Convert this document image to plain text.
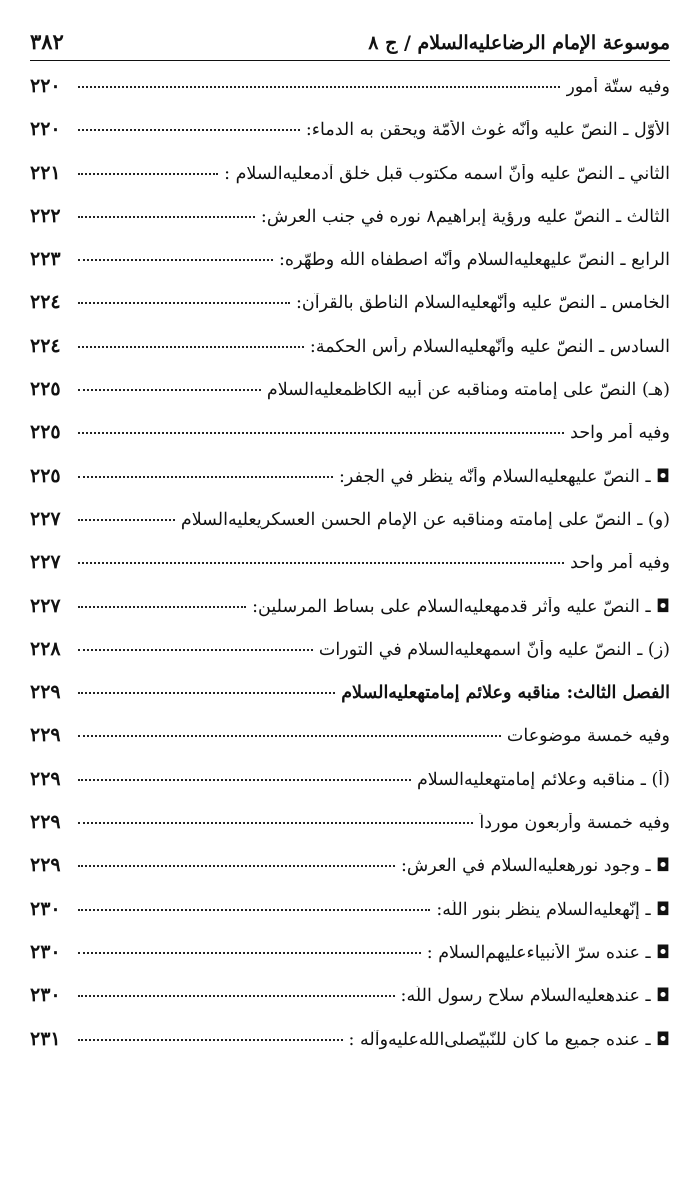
موسوعة الإمام الرضاعليه‌السلام / ج ٨
٣٨٢
وفيه ستّة أمور
٢٢٠
الأوّل ـ النصّ عليه وأنّه غوث الأمّة ويحقن به الدماء:
٢٢٠
الثاني ـ النصّ عليه وأنّ اسمه مكتوب قبل خلق آدمعليه‌السلام :
٢٢١
الثالث ـ النصّ عليه ورؤية إبراهيم٨ نوره في جنب العرش:
٢٢٢
الرابع ـ النصّ عليهعليه‌السلام وأنّه اصطفاه اللّه وطهّره:
٢٢٣
الخامس ـ النصّ عليه وأنّهعليه‌السلام الناطق بالقرآن:
٢٢٤
السادس ـ النصّ عليه وأنّهعليه‌السلام رأس الحكمة:
٢٢٤
(هـ) النصّ على إمامته ومناقبه عن أبيه الكاظمعليه‌السلام
٢٢٥
وفيه أمر واحد
٢٢٥
◘ ـ النصّ عليهعليه‌السلام وأنّه ينظر في الجفر:
٢٢٥
(و) ـ النصّ على إمامته ومناقبه عن الإمام الحسن العسكريعليه‌السلام
٢٢٧
وفيه أمر واحد
٢٢٧
◘ ـ النصّ عليه وأثر قدمهعليه‌السلام على بساط المرسلين:
٢٢٧
(ز) ـ النصّ عليه وأنّ اسمهعليه‌السلام في التورات
٢٢٨
الفصل الثالث: مناقبه وعلائم إمامتهعليه‌السلام
٢٢٩
وفيه خمسة موضوعات
٢٢٩
(أ) ـ مناقبه وعلائم إمامتهعليه‌السلام
٢٢٩
وفيه خمسة وأربعون مورداً
٢٢٩
◘ ـ وجود نورهعليه‌السلام في العرش:
٢٢٩
◘ ـ إنّهعليه‌السلام ينظر بنور اللّه:
٢٣٠
◘ ـ عنده سرّ الأنبياءعليهم‌السلام :
٢٣٠
◘ ـ عندهعليه‌السلام سلاح رسول اللّه:
٢٣٠
◘ ـ عنده جميع ما كان للنّبيّصلى‌الله‌عليه‌وآله :
٢٣١
